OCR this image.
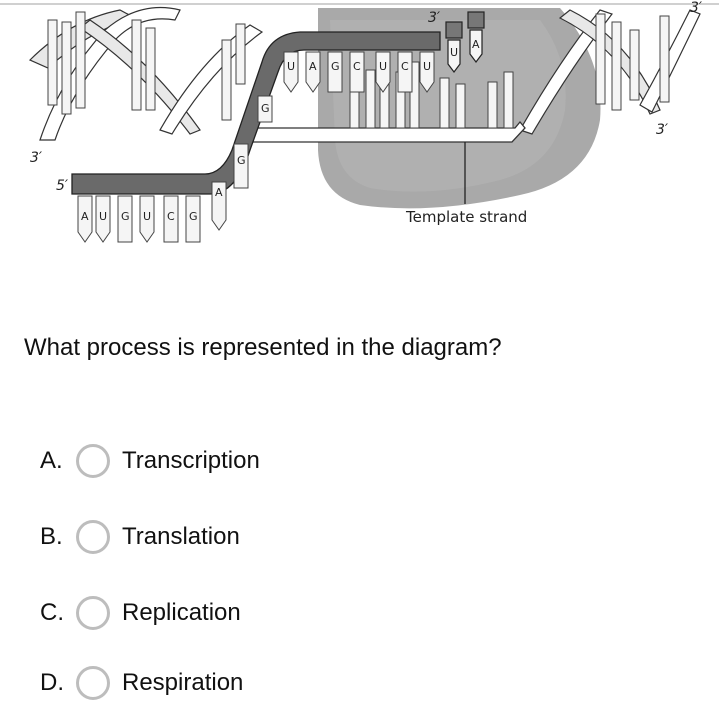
A U G U C G
A
G
G
U A G C U C U
U
A
3′
3′
5′
3′
3′
Template strand
What process is represented in the diagram?
A.	Transcription
B.	Translation
C.	Replication
D.	Respiration
